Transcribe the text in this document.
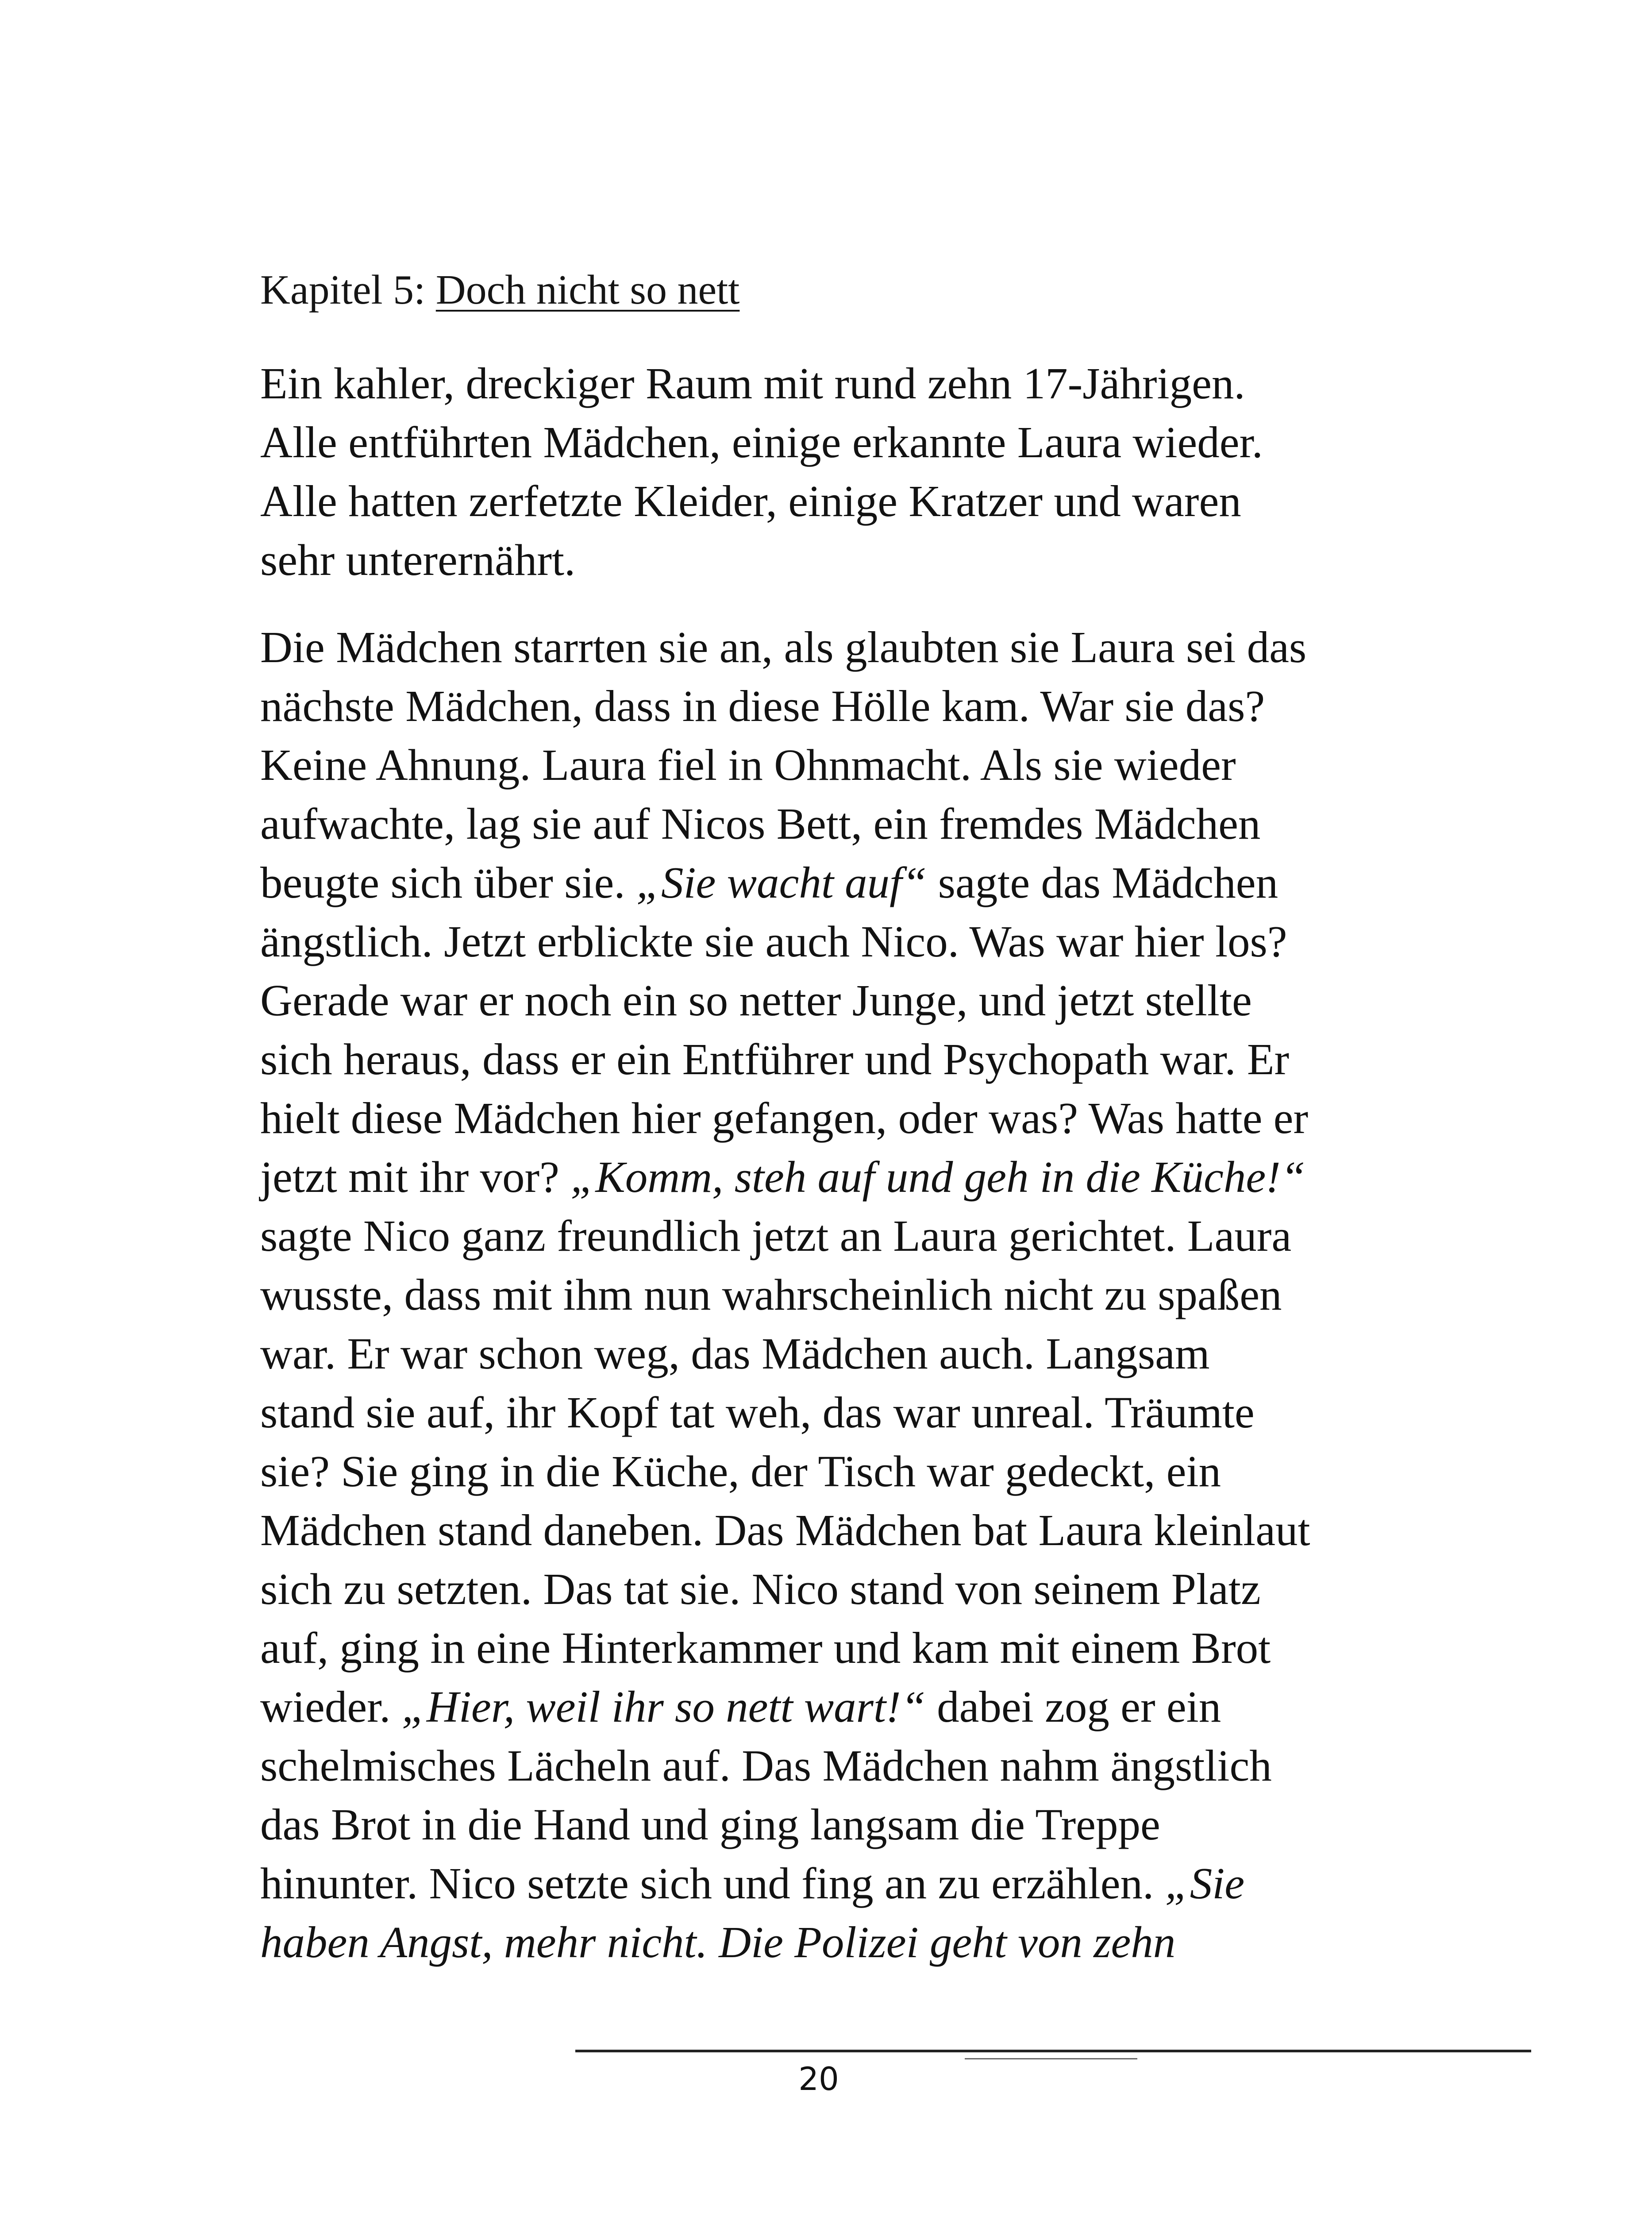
Kapitel 5: Doch nicht so nett

Ein kahler, dreckiger Raum mit rund zehn 17-Jährigen.
Alle entführten Mädchen, einige erkannte Laura wieder.
Alle hatten zerfetzte Kleider, einige Kratzer und waren
sehr unterernährt.

Die Mädchen starrten sie an, als glaubten sie Laura sei das
nächste Mädchen, dass in diese Hölle kam. War sie das?
Keine Ahnung. Laura fiel in Ohnmacht. Als sie wieder
aufwachte, lag sie auf Nicos Bett, ein fremdes Mädchen
beugte sich über sie. „Sie wacht auf“ sagte das Mädchen
ängstlich. Jetzt erblickte sie auch Nico. Was war hier los?
Gerade war er noch ein so netter Junge, und jetzt stellte
sich heraus, dass er ein Entführer und Psychopath war. Er
hielt diese Mädchen hier gefangen, oder was? Was hatte er
jetzt mit ihr vor? „Komm, steh auf und geh in die Küche!“
sagte Nico ganz freundlich jetzt an Laura gerichtet. Laura
wusste, dass mit ihm nun wahrscheinlich nicht zu spaßen
war. Er war schon weg, das Mädchen auch. Langsam
stand sie auf, ihr Kopf tat weh, das war unreal. Träumte
sie? Sie ging in die Küche, der Tisch war gedeckt, ein
Mädchen stand daneben. Das Mädchen bat Laura kleinlaut
sich zu setzten. Das tat sie. Nico stand von seinem Platz
auf, ging in eine Hinterkammer und kam mit einem Brot
wieder. „Hier, weil ihr so nett wart!“ dabei zog er ein
schelmisches Lächeln auf. Das Mädchen nahm ängstlich
das Brot in die Hand und ging langsam die Treppe
hinunter. Nico setzte sich und fing an zu erzählen. „Sie
haben Angst, mehr nicht. Die Polizei geht von zehn

20
